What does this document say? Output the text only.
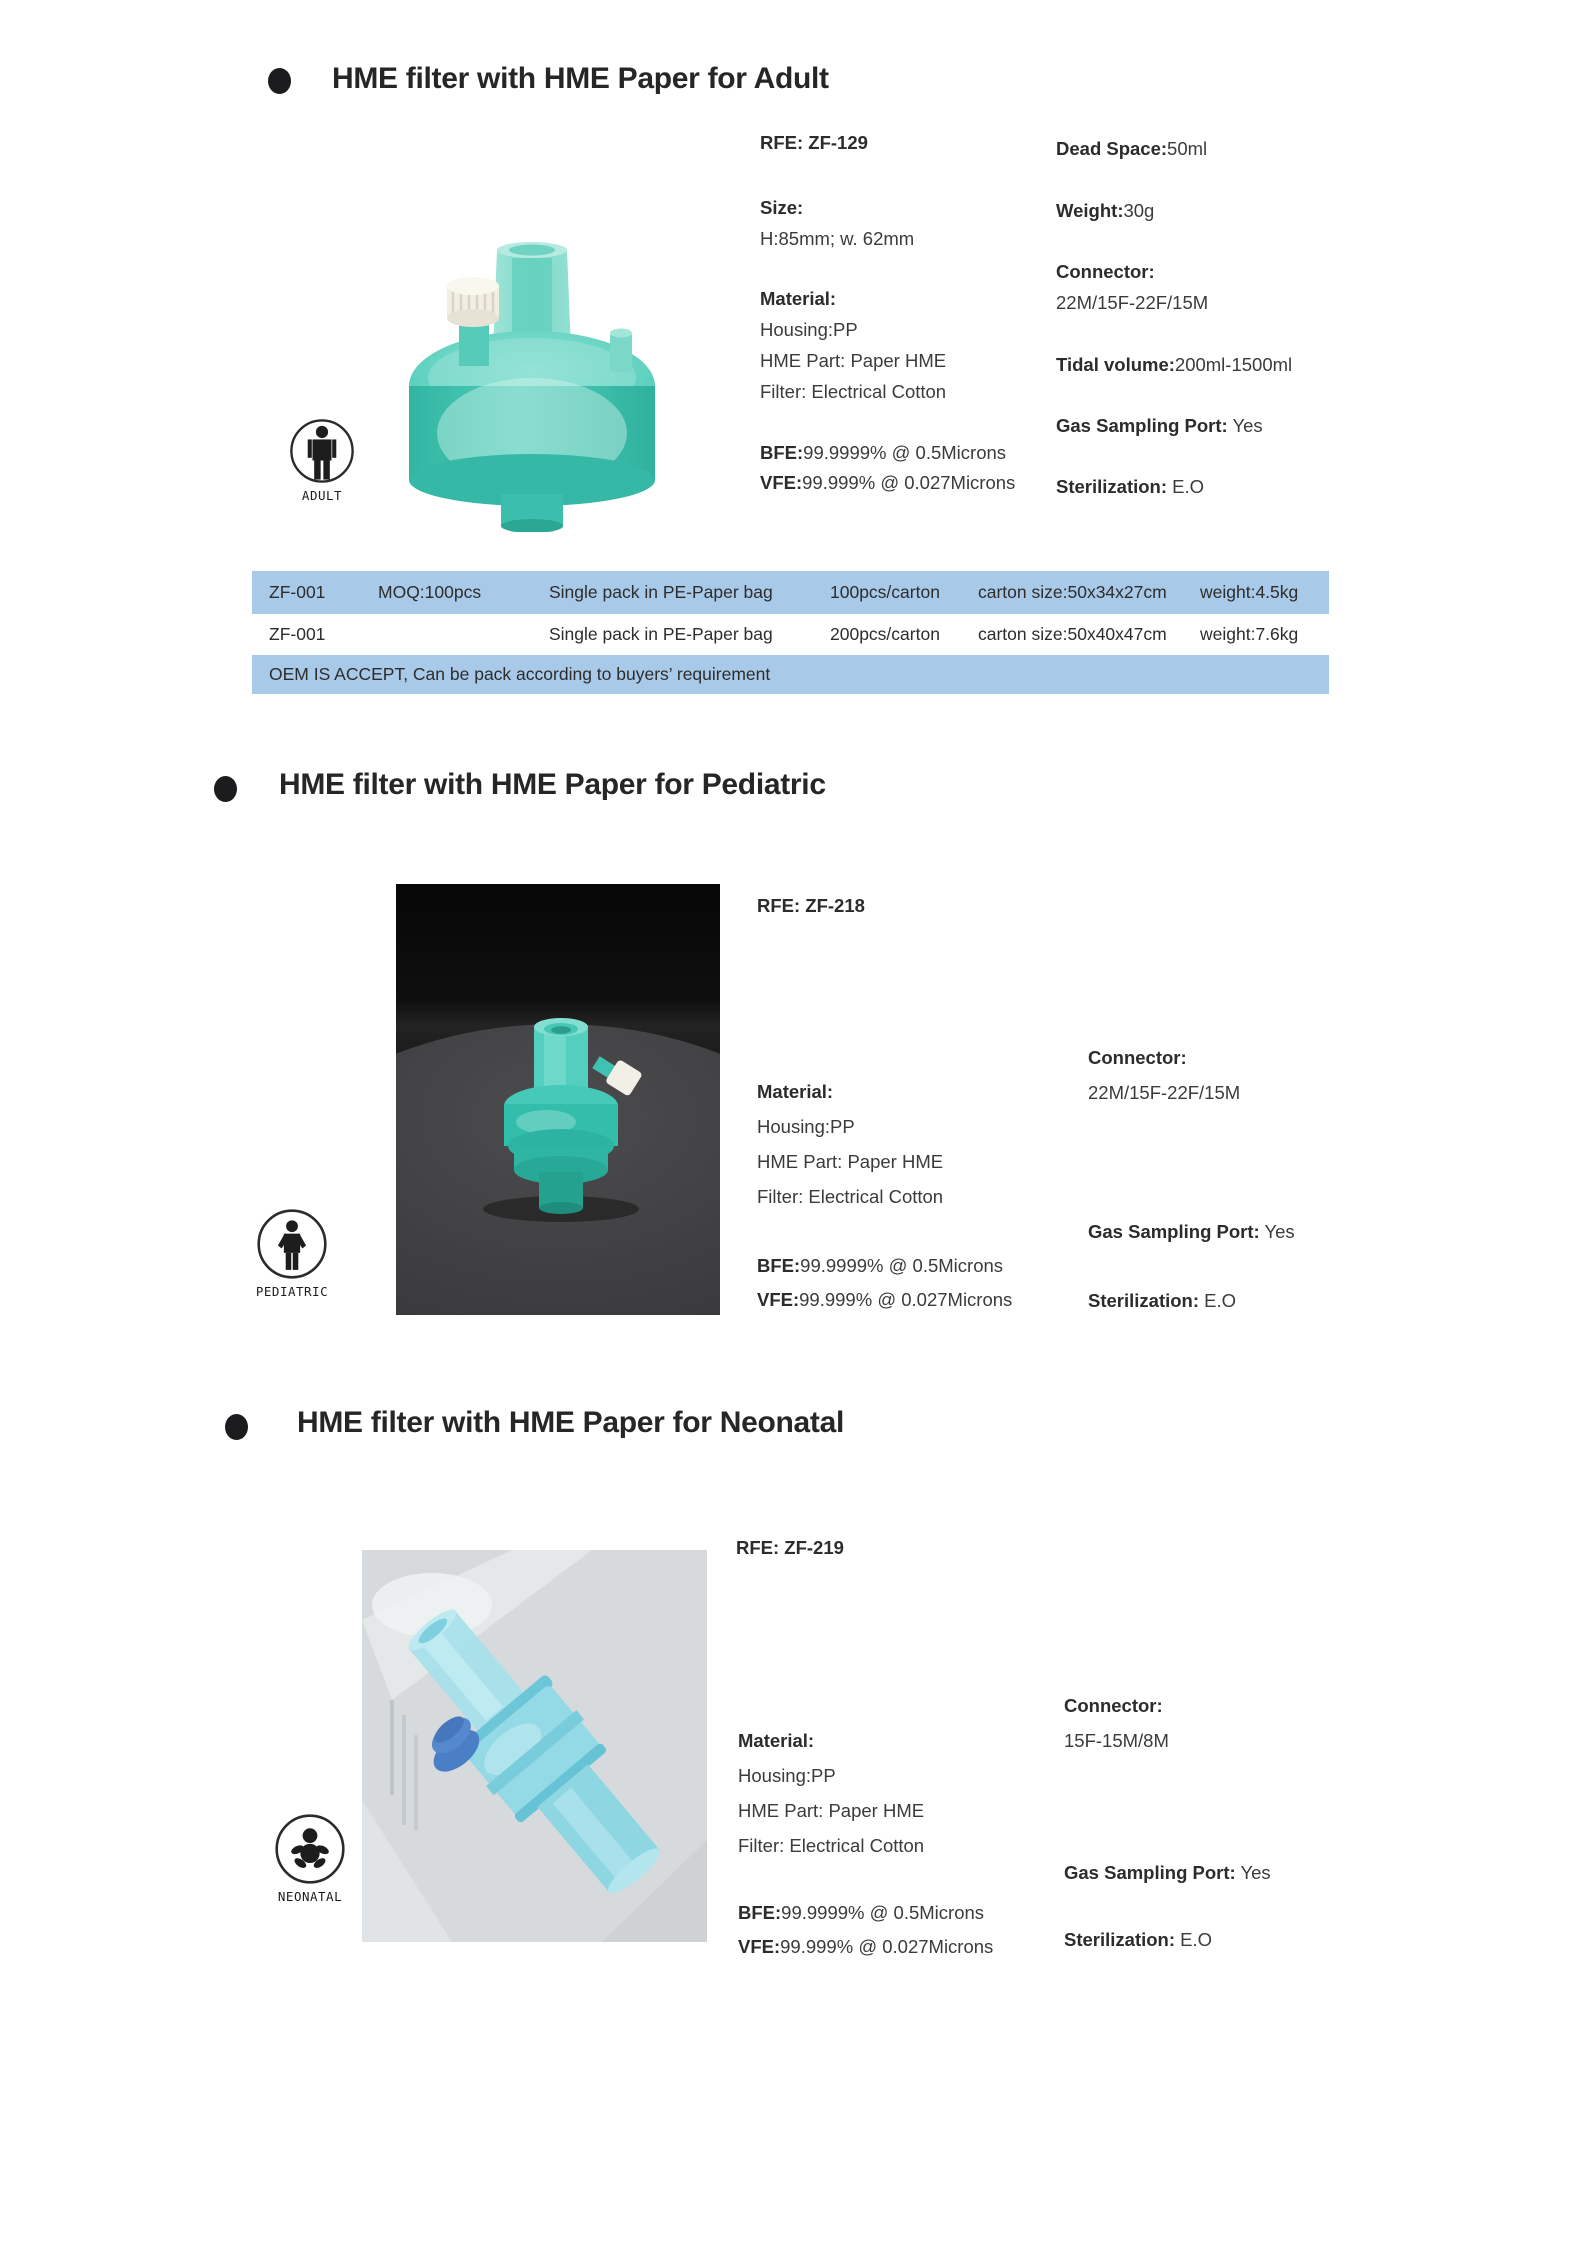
HME filter with HME Paper for Adult
ADULT
RFE: ZF-129
Size:
H:85mm; w. 62mm
Material:
Housing:PP
HME Part: Paper HME
Filter: Electrical Cotton
BFE:99.9999% @ 0.5Microns
VFE:99.999% @ 0.027Microns
Dead Space:50ml
Weight:30g
Connector:
22M/15F-22F/15M
Tidal volume:200ml-1500ml
Gas Sampling Port: Yes
Sterilization: E.O
ZF-001	MOQ:100pcs	Single pack in PE-Paper bag	100pcs/carton carton size:50x34x27cm weight:4.5kg
ZF-001	Single pack in PE-Paper bag	200pcs/carton carton size:50x40x47cm weight:7.6kg
OEM IS ACCEPT, Can be pack according to buyers’ requirement
HME filter with HME Paper for Pediatric
PEDIATRIC
RFE: ZF-218
Material:
Housing:PP
HME Part: Paper HME
Filter: Electrical Cotton
BFE:99.9999% @ 0.5Microns
VFE:99.999% @ 0.027Microns
Connector:
22M/15F-22F/15M
Gas Sampling Port: Yes
Sterilization: E.O
HME filter with HME Paper for Neonatal
NEONATAL
RFE: ZF-219
Material:
Housing:PP
HME Part: Paper HME
Filter: Electrical Cotton
BFE:99.9999% @ 0.5Microns
VFE:99.999% @ 0.027Microns
Connector:
15F-15M/8M
Gas Sampling Port: Yes
Sterilization: E.O
